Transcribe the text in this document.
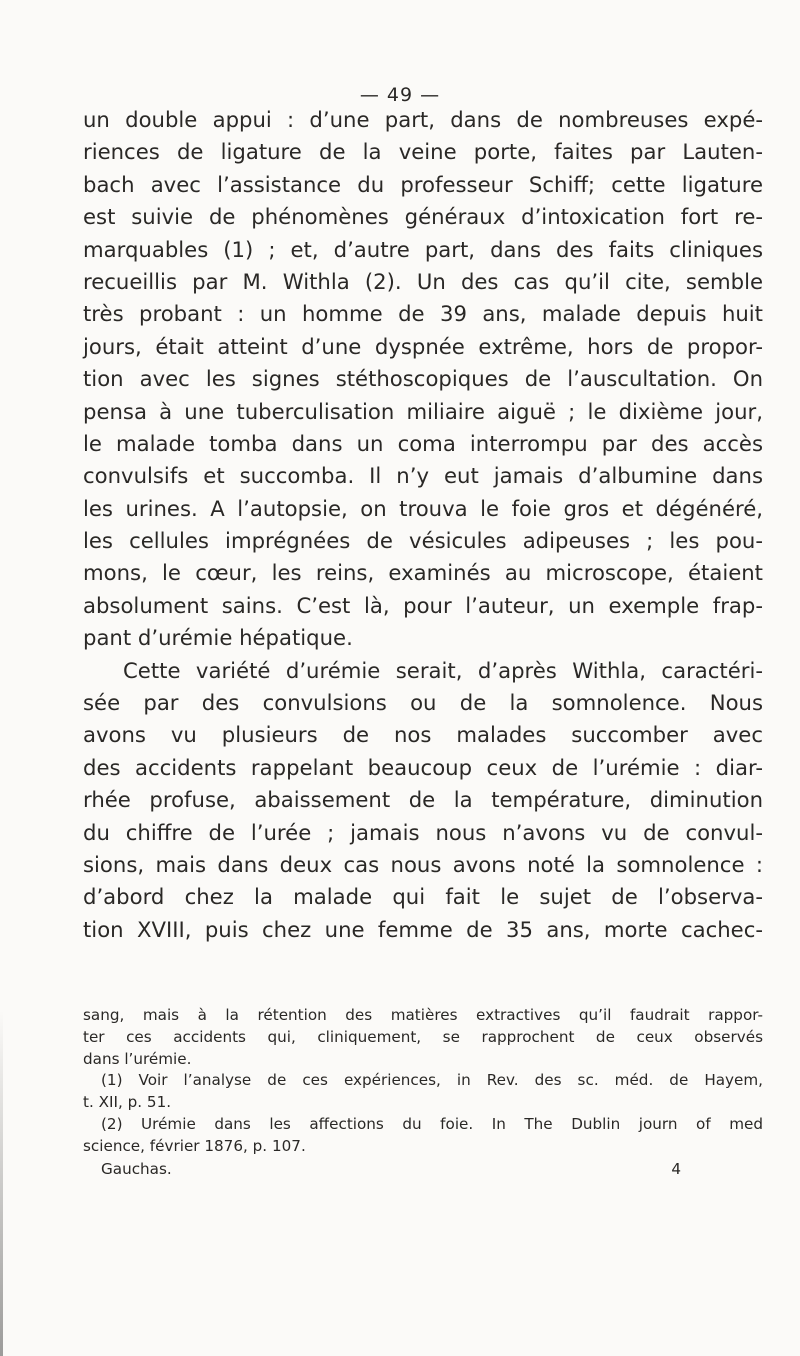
— 49 —
un double appui : d’une part, dans de nombreuses expé-
riences de ligature de la veine porte, faites par Lauten-
bach avec l’assistance du professeur Schiff; cette ligature
est suivie de phénomènes généraux d’intoxication fort re-
marquables (1) ; et, d’autre part, dans des faits cliniques
recueillis par M. Withla (2). Un des cas qu’il cite, semble
très probant : un homme de 39 ans, malade depuis huit
jours, était atteint d’une dyspnée extrême, hors de propor-
tion avec les signes stéthoscopiques de l’auscultation. On
pensa à une tuberculisation miliaire aiguë ; le dixième jour,
le malade tomba dans un coma interrompu par des accès
convulsifs et succomba. Il n’y eut jamais d’albumine dans
les urines. A l’autopsie, on trouva le foie gros et dégénéré,
les cellules imprégnées de vésicules adipeuses ; les pou-
mons, le cœur, les reins, examinés au microscope, étaient
absolument sains. C’est là, pour l’auteur, un exemple frap-
pant d’urémie hépatique.
Cette variété d’urémie serait, d’après Withla, caractéri-
sée par des convulsions ou de la somnolence. Nous
avons vu plusieurs de nos malades succomber avec
des accidents rappelant beaucoup ceux de l’urémie : diar-
rhée profuse, abaissement de la température, diminution
du chiffre de l’urée ; jamais nous n’avons vu de convul-
sions, mais dans deux cas nous avons noté la somnolence :
d’abord chez la malade qui fait le sujet de l’observa-
tion XVIII, puis chez une femme de 35 ans, morte cachec-
sang, mais à la rétention des matières extractives qu’il faudrait rappor-
ter ces accidents qui, cliniquement, se rapprochent de ceux observés
dans l’urémie.
(1) Voir l’analyse de ces expériences, in Rev. des sc. méd. de Hayem,
t. XII, p. 51.
(2) Urémie dans les affections du foie. In The Dublin journ of med
science, février 1876, p. 107.
Gauchas.	4
